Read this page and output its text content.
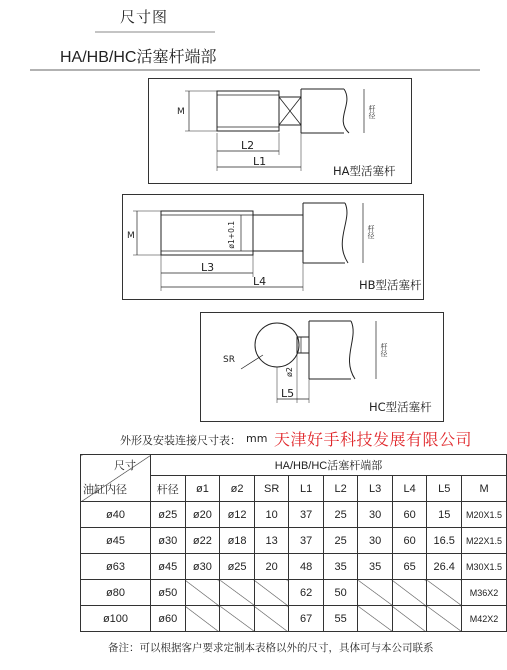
尺寸图
HA/HB/HC活塞杆端部
M
L2
L1
杆径
HA型活塞杆
M	ø1+0.1
L3
L4
杆径
HB型活塞杆
SR
ø2
L5
杆径
HC型活塞杆
外形及安装连接尺寸表： mm 天津好手科技发展有限公司
尺寸
油缸内径	HA/HB/HC活塞杆端部									
	杆径	ø1	ø2	SR	L1	L2	L3	L4	L5	M
ø40	ø25	ø20	ø12	10	37	25	30	60	15	M20X1.5
ø45	ø30	ø22	ø18	13	37	25	30	60	16.5	M22X1.5
ø63	ø45	ø30	ø25	20	48	35	35	65	26.4	M30X1.5
ø80	ø50				62	50				M36X2
ø100	ø60				67	55				M42X2
备注：可以根据客户要求定制本表格以外的尺寸，具体可与本公司联系
